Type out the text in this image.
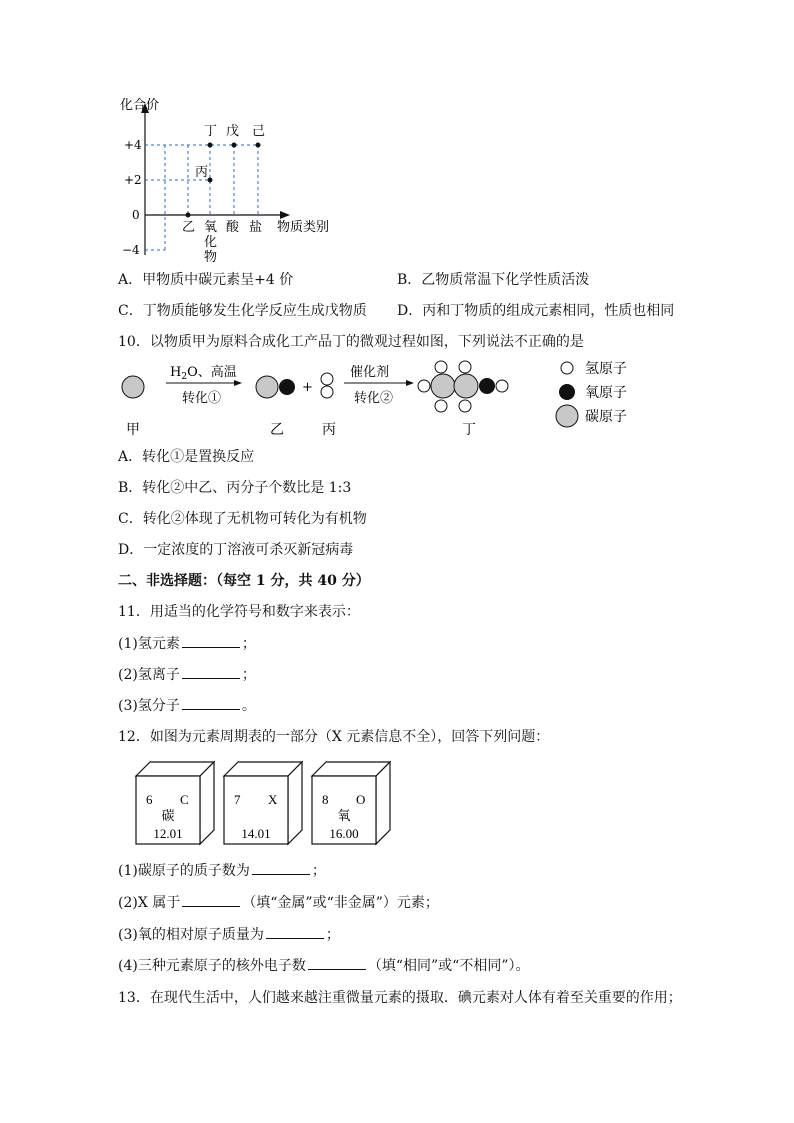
化合价
+4
+2
0
−4
乙 氧化物
酸 盐 物质类别
丙
丁 戊 己
A．甲物质中碳元素呈+4 价	B．乙物质常温下化学性质活泼
C．丁物质能够发生化学反应生成戊物质 D．丙和丁物质的组成元素相同，性质也相同
10．以物质甲为原料合成化工产品丁的微观过程如图，下列说法不正确的是
甲
$H_2O$、高温
转化①
乙
+
丙
催化剂
转化②
丁
氢原子
氧原子
碳原子
A．转化①是置换反应
B．转化②中乙、丙分子个数比是 1:3
C．转化②体现了无机物可转化为有机物
D．一定浓度的丁溶液可杀灭新冠病毒
二、非选择题：（每空 1 分，共 40 分）
11．用适当的化学符号和数字来表示：
(1)氢元素	；
(2)氢离子	；
(3)氢分子	。
12．如图为元素周期表的一部分（X 元素信息不全），回答下列问题：
6 C
碳
12.01
7 X
14.01
8 O
氧
16.00
(1)碳原子的质子数为	；
(2)X 属于	（填“金属”或“非金属”）元素；
(3)氧的相对原子质量为	；
(4)三种元素原子的核外电子数	（填“相同”或“不相同”）。
13．在现代生活中，人们越来越注重微量元素的摄取．碘元素对人体有着至关重要的作用；
